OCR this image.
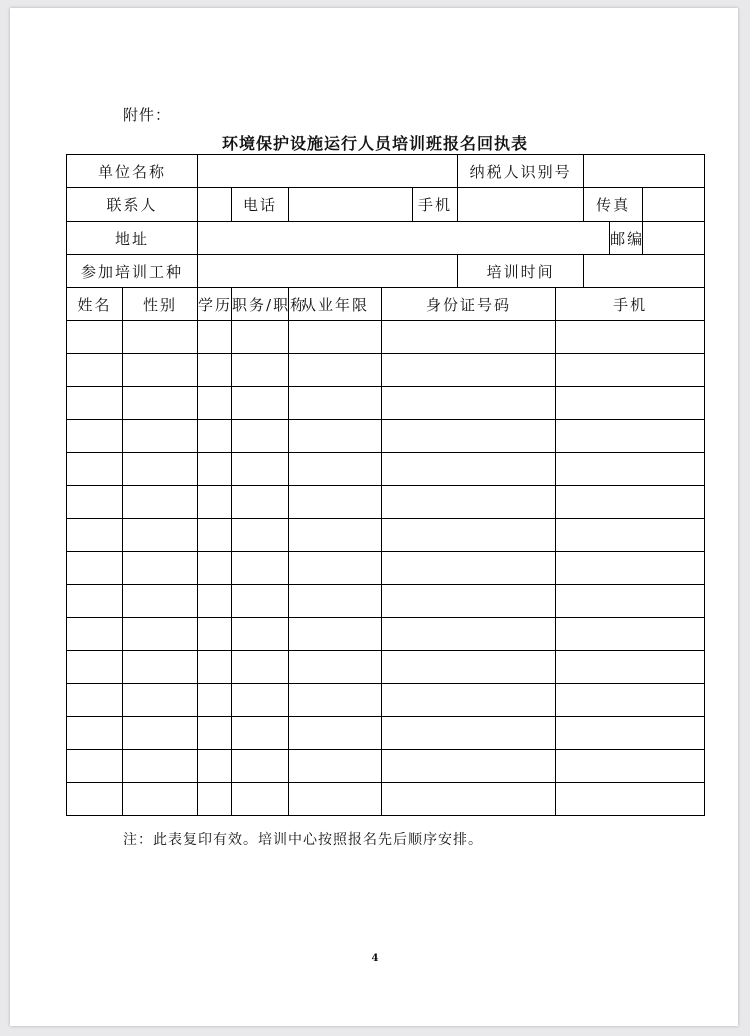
附件：
环境保护设施运行人员培训班报名回执表
单位名称							纳税人识别号				
联系人			电话			手机			传真		
地址										邮编	
参加培训工种							培训时间				
姓名	性别	学历	职务/职称	从业年限	身份证号码			手机			

注：此表复印有效。培训中心按照报名先后顺序安排。
4
